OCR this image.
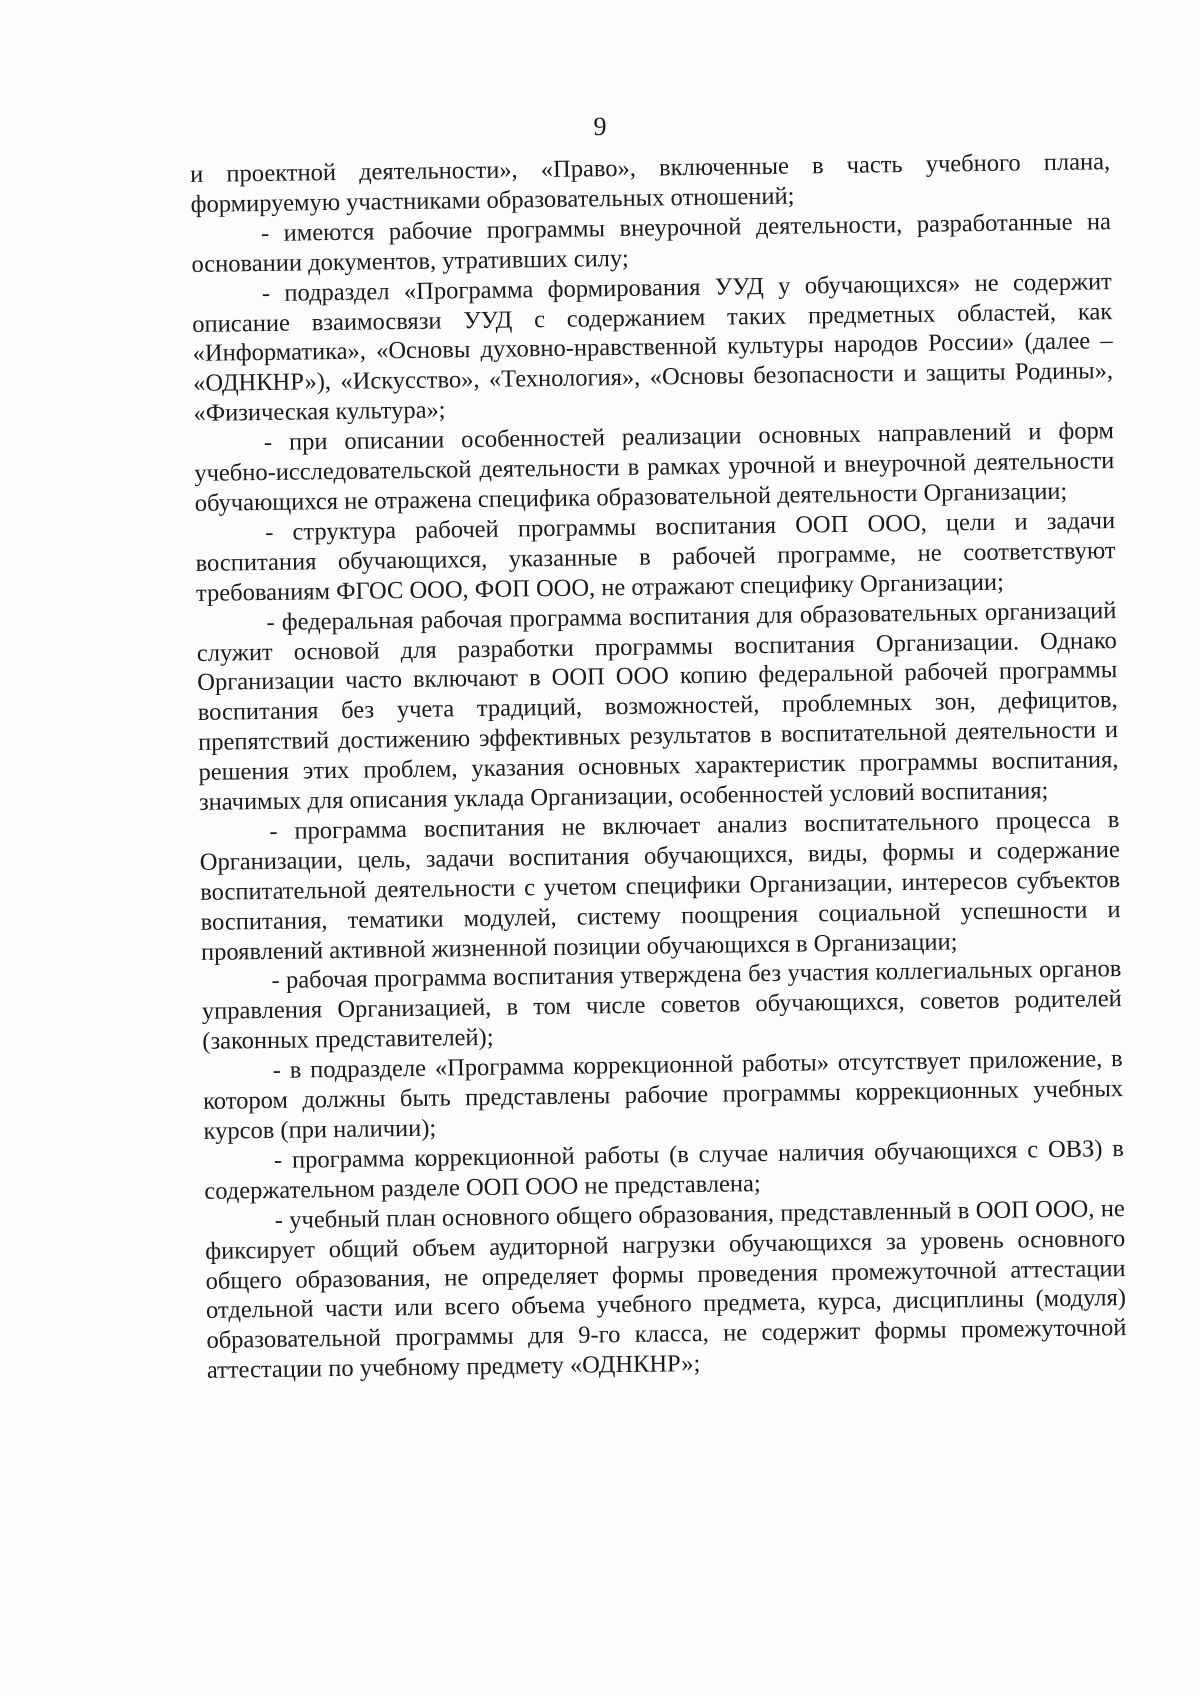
9

и проектной деятельности», «Право», включенные в часть учебного плана, формируемую участниками образовательных отношений;

- имеются рабочие программы внеурочной деятельности, разработанные на основании документов, утративших силу;

- подраздел «Программа формирования УУД у обучающихся» не содержит описание взаимосвязи УУД с содержанием таких предметных областей, как «Информатика», «Основы духовно-нравственной культуры народов России» (далее – «ОДНКНР»), «Искусство», «Технология», «Основы безопасности и защиты Родины», «Физическая культура»;

- при описании особенностей реализации основных направлений и форм учебно-исследовательской деятельности в рамках урочной и внеурочной деятельности обучающихся не отражена специфика образовательной деятельности Организации;

- структура рабочей программы воспитания ООП ООО, цели и задачи воспитания обучающихся, указанные в рабочей программе, не соответствуют требованиям ФГОС ООО, ФОП ООО, не отражают специфику Организации;

- федеральная рабочая программа воспитания для образовательных организаций служит основой для разработки программы воспитания Организации. Однако Организации часто включают в ООП ООО копию федеральной рабочей программы воспитания без учета традиций, возможностей, проблемных зон, дефицитов, препятствий достижению эффективных результатов в воспитательной деятельности и решения этих проблем, указания основных характеристик программы воспитания, значимых для описания уклада Организации, особенностей условий воспитания;

- программа воспитания не включает анализ воспитательного процесса в Организации, цель, задачи воспитания обучающихся, виды, формы и содержание воспитательной деятельности с учетом специфики Организации, интересов субъектов воспитания, тематики модулей, систему поощрения социальной успешности и проявлений активной жизненной позиции обучающихся в Организации;

- рабочая программа воспитания утверждена без участия коллегиальных органов управления Организацией, в том числе советов обучающихся, советов родителей (законных представителей);

- в подразделе «Программа коррекционной работы» отсутствует приложение, в котором должны быть представлены рабочие программы коррекционных учебных курсов (при наличии);

- программа коррекционной работы (в случае наличия обучающихся с ОВЗ) в содержательном разделе ООП ООО не представлена;

- учебный план основного общего образования, представленный в ООП ООО, не фиксирует общий объем аудиторной нагрузки обучающихся за уровень основного общего образования, не определяет формы проведения промежуточной аттестации отдельной части или всего объема учебного предмета, курса, дисциплины (модуля) образовательной программы для 9-го класса, не содержит формы промежуточной аттестации по учебному предмету «ОДНКНР»;
